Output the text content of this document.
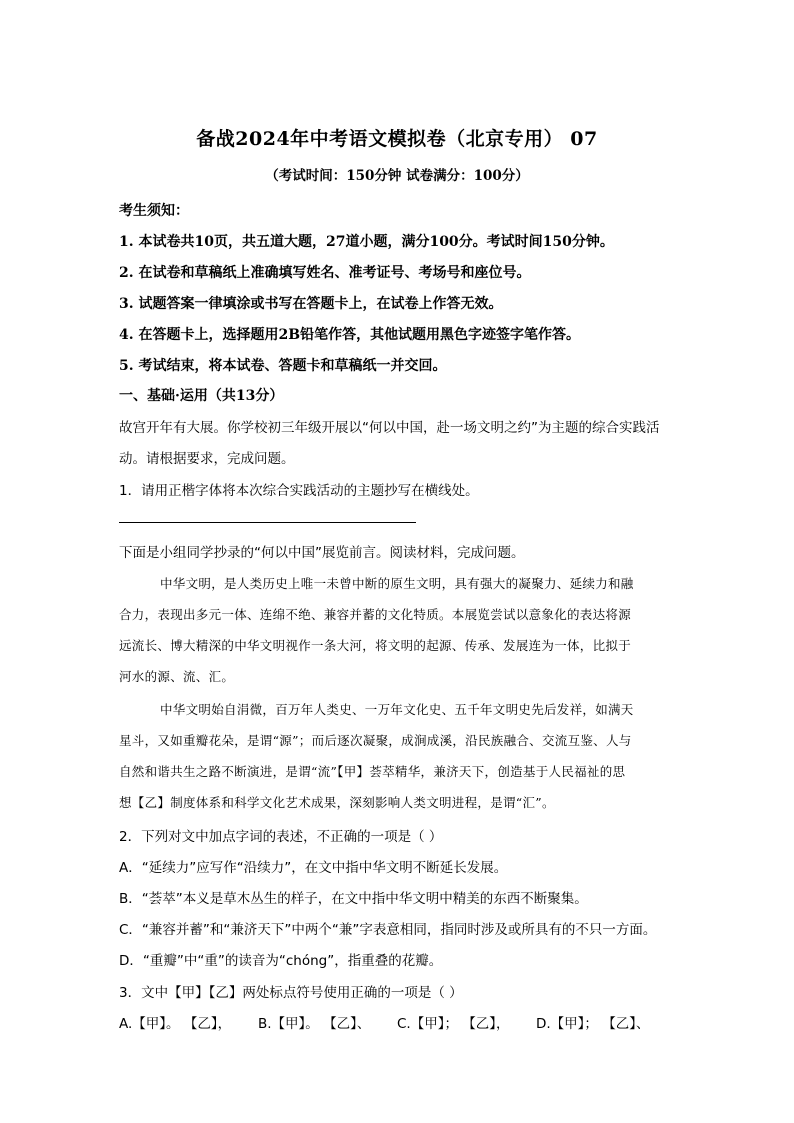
备战2024年中考语文模拟卷（北京专用） 07
（考试时间：150分钟 试卷满分：100分）
考生须知：
1. 本试卷共10页，共五道大题，27道小题，满分100分。考试时间150分钟。
2. 在试卷和草稿纸上准确填写姓名、准考证号、考场号和座位号。
3. 试题答案一律填涂或书写在答题卡上，在试卷上作答无效。
4. 在答题卡上，选择题用2B铅笔作答，其他试题用黑色字迹签字笔作答。
5. 考试结束，将本试卷、答题卡和草稿纸一并交回。
一、基础·运用（共13分）
故宫开年有大展。你学校初三年级开展以“何以中国，赴一场文明之约”为主题的综合实践活
动。请根据要求，完成问题。
1．请用正楷字体将本次综合实践活动的主题抄写在横线处。
下面是小组同学抄录的“何以中国”展览前言。阅读材料，完成问题。
中华文明，是人类历史上唯一未曾中断的原生文明，具有强大的凝聚力、延续力和融
合力，表现出多元一体、连绵不绝、兼容并蓄的文化特质。本展览尝试以意象化的表达将源
远流长、博大精深的中华文明视作一条大河，将文明的起源、传承、发展连为一体，比拟于
河水的源、流、汇。
中华文明始自涓微，百万年人类史、一万年文化史、五千年文明史先后发祥，如满天
星斗，又如重瓣花朵，是谓“源”；而后逐次凝聚，成涧成溪，沿民族融合、交流互鉴、人与
自然和谐共生之路不断演进，是谓“流”【甲】荟萃精华，兼济天下，创造基于人民福祉的思
想【乙】制度体系和科学文化艺术成果，深刻影响人类文明进程，是谓“汇”。
2．下列对文中加点字词的表述，不正确的一项是（ ）
A．“延续力”应写作“沿续力”，在文中指中华文明不断延长发展。
B．“荟萃”本义是草木丛生的样子，在文中指中华文明中精美的东西不断聚集。
C．“兼容并蓄”和“兼济天下”中两个“兼”字表意相同，指同时涉及或所具有的不只一方面。
D．“重瓣”中“重”的读音为“chóng”，指重叠的花瓣。
3．文中【甲】【乙】两处标点符号使用正确的一项是（ ）
A.【甲】。 【乙】， B.【甲】。 【乙】、 C.【甲】； 【乙】， D.【甲】； 【乙】、
